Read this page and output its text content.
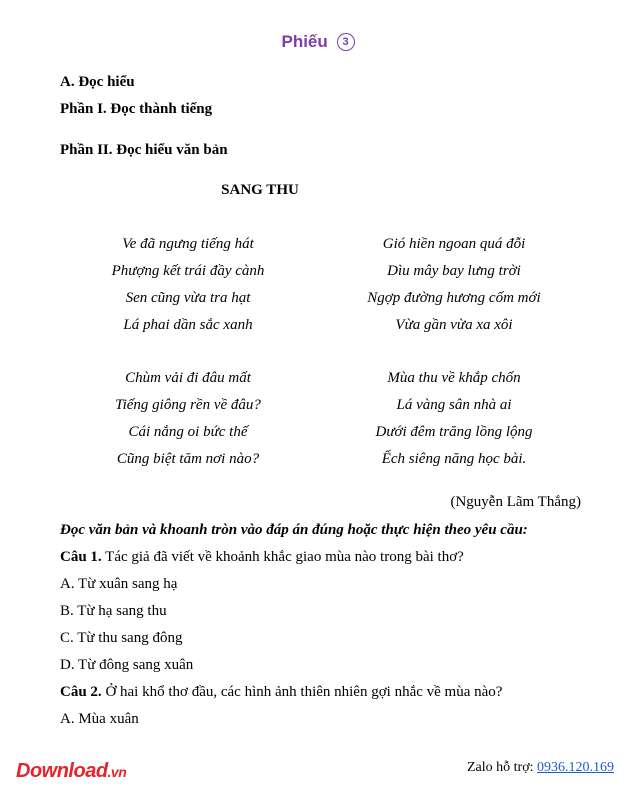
Phiếu 3
A. Đọc hiểu
Phần I. Đọc thành tiếng
Phần II. Đọc hiểu văn bản
SANG THU
Ve đã ngưng tiếng hát
Phượng kết trái đầy cành
Sen cũng vừa tra hạt
Lá phai dần sắc xanh
Chùm vải đi đâu mất
Tiếng giông rền về đâu?
Cái nắng oi bức thế
Cũng biệt tăm nơi nào?
Gió hiền ngoan quá đỗi
Dìu mây bay lưng trời
Ngợp đường hương cốm mới
Vừa gần vừa xa xôi
Mùa thu về khắp chốn
Lá vàng sân nhà ai
Dưới đêm trăng lồng lộng
Ếch siêng năng học bài.
(Nguyễn Lãm Thắng)
Đọc văn bản và khoanh tròn vào đáp án đúng hoặc thực hiện theo yêu cầu:
Câu 1. Tác giả đã viết về khoảnh khắc giao mùa nào trong bài thơ?
A. Từ xuân sang hạ
B. Từ hạ sang thu
C. Từ thu sang đông
D. Từ đông sang xuân
Câu 2. Ở hai khổ thơ đầu, các hình ảnh thiên nhiên gợi nhắc về mùa nào?
A. Mùa xuân
Download.vn	Zalo hỗ trợ: 0936.120.169
